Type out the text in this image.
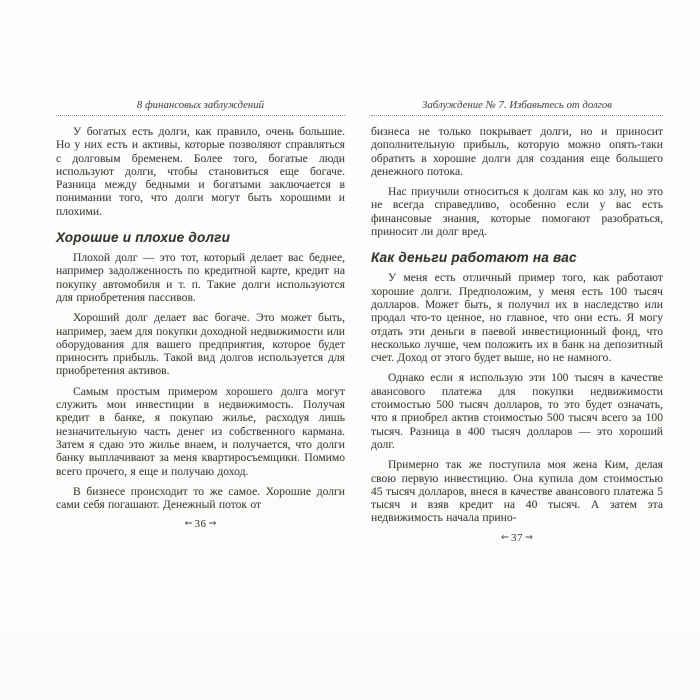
8 финансовых заблуждений

У богатых есть долги, как правило, очень большие. Но у них есть и активы, которые позволяют справляться с долговым бременем. Более того, богатые люди используют долги, чтобы становиться еще богаче. Разница между бедными и богатыми заключается в понимании того, что долги могут быть хорошими и плохими.

Хорошие и плохие долги

Плохой долг — это тот, который делает вас беднее, например задолженность по кредитной карте, кредит на покупку автомобиля и т. п. Такие долги используются для приобретения пассивов.

Хороший долг делает вас богаче. Это может быть, например, заем для покупки доходной недвижимости или оборудования для вашего предприятия, которое будет приносить прибыль. Такой вид долгов используется для приобретения активов.

Самым простым примером хорошего долга могут служить мои инвестиции в недвижимость. Получая кредит в банке, я покупаю жилье, расходуя лишь незначительную часть денег из собственного кармана. Затем я сдаю это жилье внаем, и получается, что долги банку выплачивают за меня квартиросъемщики. Помимо всего прочего, я еще и получаю доход.

В бизнесе происходит то же самое. Хорошие долги сами себя погашают. Денежный поток от

⇜ 36 ⇝
Заблуждение № 7. Избавьтесь от долгов

бизнеса не только покрывает долги, но и приносит дополнительную прибыль, которую можно опять-таки обратить в хорошие долги для создания еще большего денежного потока.

Нас приучили относиться к долгам как ко злу, но это не всегда справедливо, особенно если у вас есть финансовые знания, которые помогают разобраться, приносит ли долг вред.

Как деньги работают на вас

У меня есть отличный пример того, как работают хорошие долги. Предположим, у меня есть 100 тысяч долларов. Может быть, я получил их в наследство или продал что-то ценное, но главное, что они есть. Я могу отдать эти деньги в паевой инвестиционный фонд, что несколько лучше, чем положить их в банк на депозитный счет. Доход от этого будет выше, но не намного.

Однако если я использую эти 100 тысяч в качестве авансового платежа для покупки недвижимости стоимостью 500 тысяч долларов, то это будет означать, что я приобрел актив стоимостью 500 тысяч всего за 100 тысяч. Разница в 400 тысяч долларов — это хороший долг.

Примерно так же поступила моя жена Ким, делая свою первую инвестицию. Она купила дом стоимостью 45 тысяч долларов, внеся в качестве авансового платежа 5 тысяч и взяв кредит на 40 тысяч. А затем эта недвижимость начала прино-

⇜ 37 ⇝
